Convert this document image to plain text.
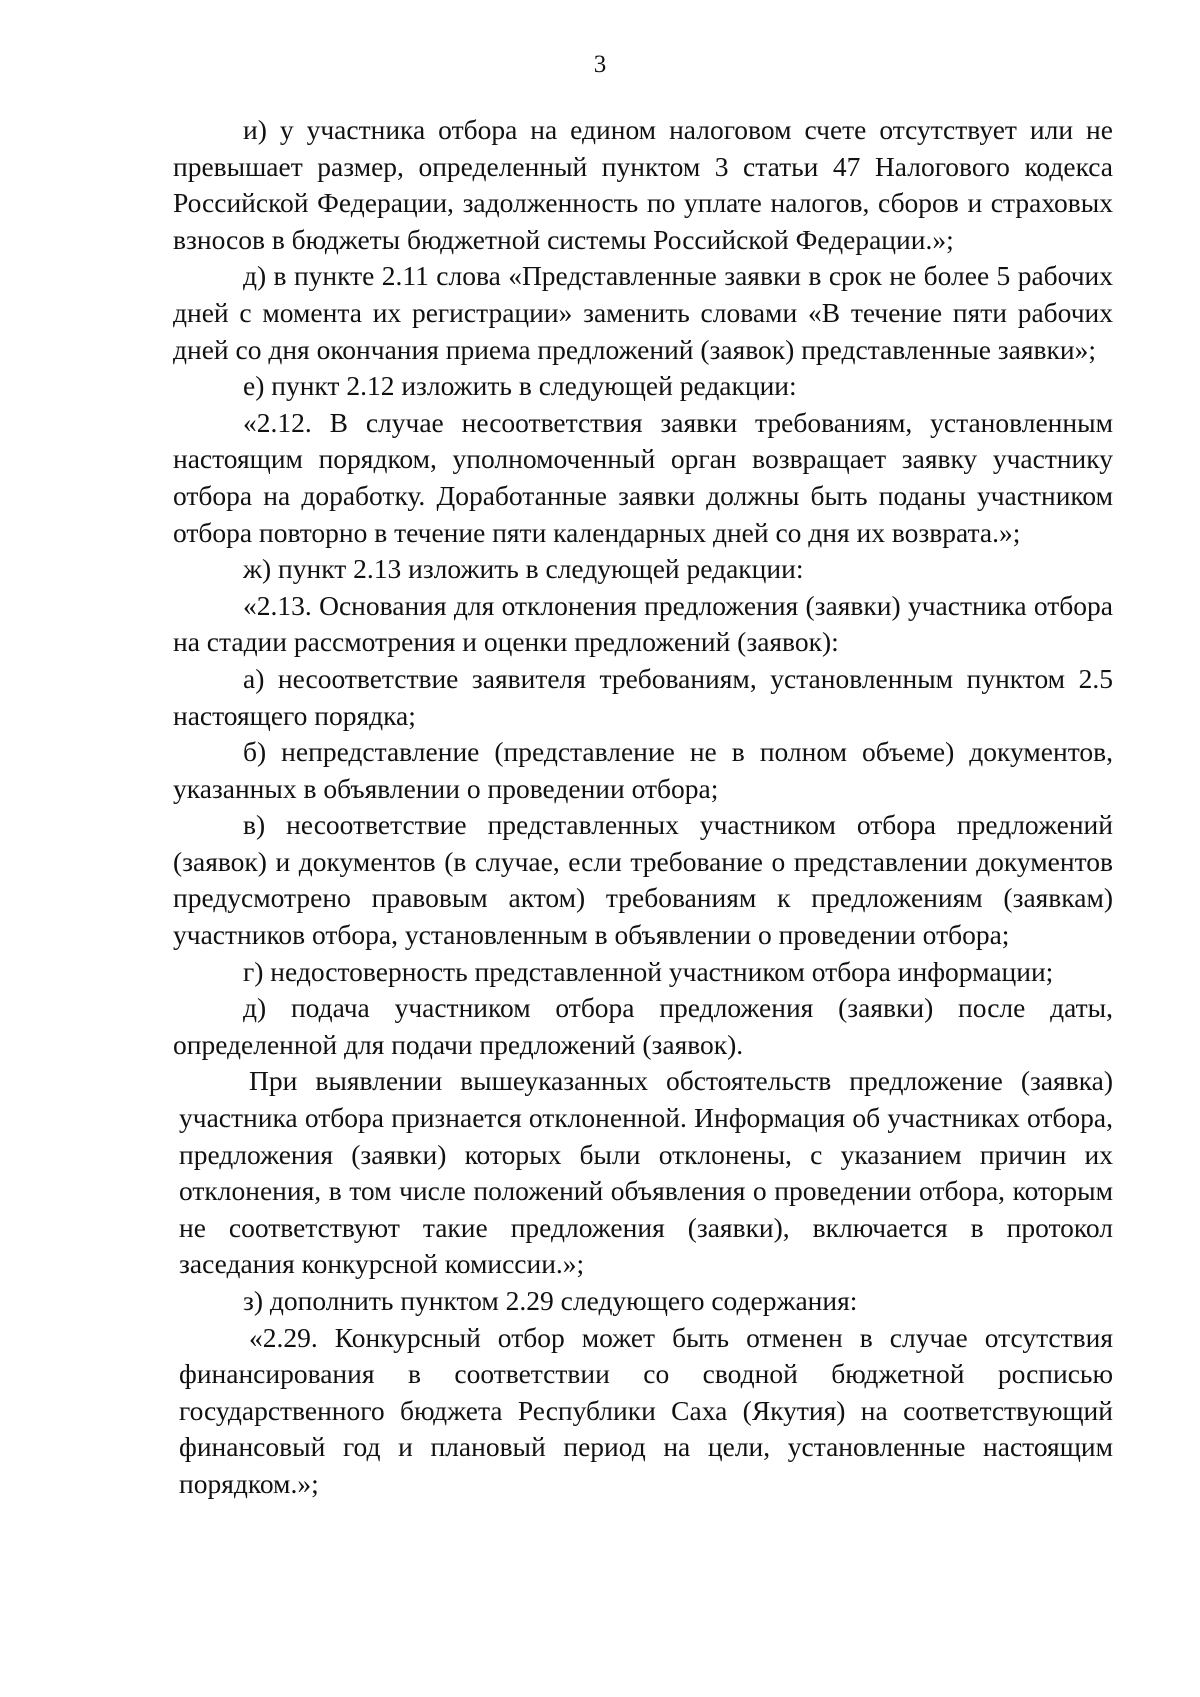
3

и) у участника отбора на едином налоговом счете отсутствует или не превышает размер, определенный пунктом 3 статьи 47 Налогового кодекса Российской Федерации, задолженность по уплате налогов, сборов и страховых взносов в бюджеты бюджетной системы Российской Федерации.»;

д) в пункте 2.11 слова «Представленные заявки в срок не более 5 рабочих дней с момента их регистрации» заменить словами «В течение пяти рабочих дней со дня окончания приема предложений (заявок) представленные заявки»;

е) пункт 2.12 изложить в следующей редакции:

«2.12. В случае несоответствия заявки требованиям, установленным настоящим порядком, уполномоченный орган возвращает заявку участнику отбора на доработку. Доработанные заявки должны быть поданы участником отбора повторно в течение пяти календарных дней со дня их возврата.»;

ж) пункт 2.13 изложить в следующей редакции:

«2.13. Основания для отклонения предложения (заявки) участника отбора на стадии рассмотрения и оценки предложений (заявок):

а) несоответствие заявителя требованиям, установленным пунктом 2.5 настоящего порядка;

б) непредставление (представление не в полном объеме) документов, указанных в объявлении о проведении отбора;

в) несоответствие представленных участником отбора предложений (заявок) и документов (в случае, если требование о представлении документов предусмотрено правовым актом) требованиям к предложениям (заявкам) участников отбора, установленным в объявлении о проведении отбора;

г) недостоверность представленной участником отбора информации;

д) подача участником отбора предложения (заявки) после даты, определенной для подачи предложений (заявок).

При выявлении вышеуказанных обстоятельств предложение (заявка) участника отбора признается отклоненной. Информация об участниках отбора, предложения (заявки) которых были отклонены, с указанием причин их отклонения, в том числе положений объявления о проведении отбора, которым не соответствуют такие предложения (заявки), включается в протокол заседания конкурсной комиссии.»;

з) дополнить пунктом 2.29 следующего содержания:

«2.29. Конкурсный отбор может быть отменен в случае отсутствия финансирования в соответствии со сводной бюджетной росписью государственного бюджета Республики Саха (Якутия) на соответствующий финансовый год и плановый период на цели, установленные настоящим порядком.»;
